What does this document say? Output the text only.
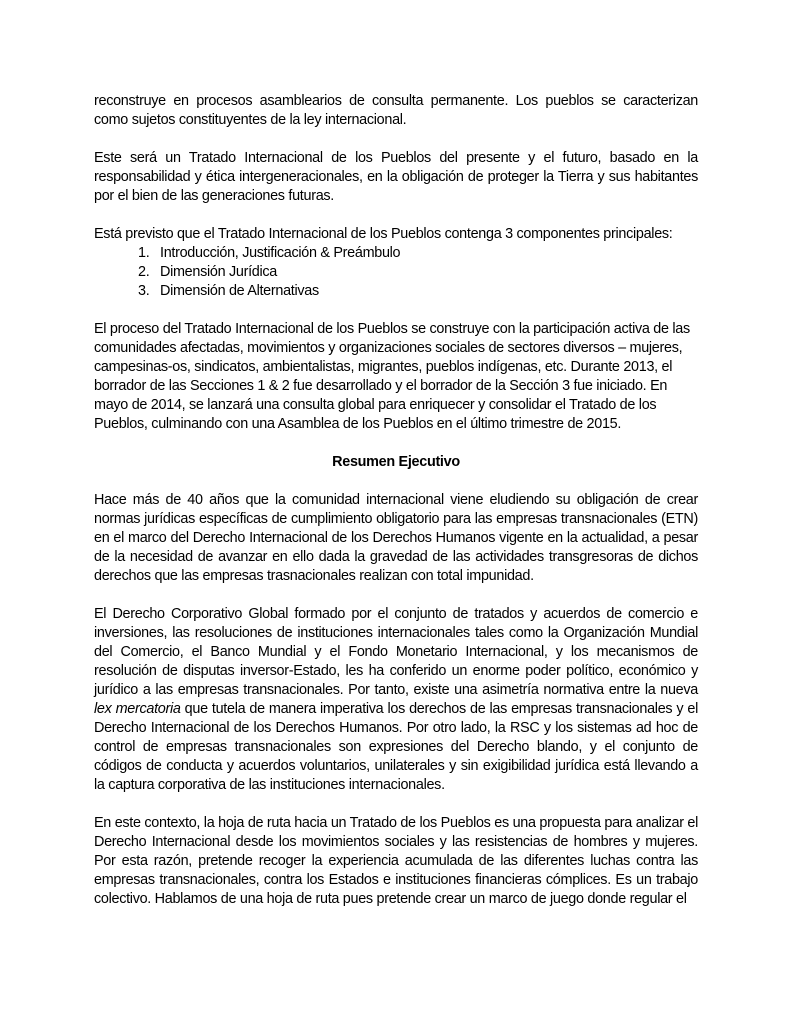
reconstruye en procesos asamblearios de consulta permanente. Los pueblos se caracterizan como sujetos constituyentes de la ley internacional.

Este será un Tratado Internacional de los Pueblos del presente y el futuro, basado en la responsabilidad y ética intergeneracionales, en la obligación de proteger la Tierra y sus habitantes por el bien de las generaciones futuras.

Está previsto que el Tratado Internacional de los Pueblos contenga 3 componentes principales:

1. Introducción, Justificación & Preámbulo
2. Dimensión Jurídica
3. Dimensión de Alternativas

El proceso del Tratado Internacional de los Pueblos se construye con la participación activa de las comunidades afectadas, movimientos y organizaciones sociales de sectores diversos – mujeres, campesinas-os, sindicatos, ambientalistas, migrantes, pueblos indígenas, etc. Durante 2013, el borrador de las Secciones 1 & 2 fue desarrollado y el borrador de la Sección 3 fue iniciado. En mayo de 2014, se lanzará una consulta global para enriquecer y consolidar el Tratado de los Pueblos, culminando con una Asamblea de los Pueblos en el último trimestre de 2015.

Resumen Ejecutivo

Hace más de 40 años que la comunidad internacional viene eludiendo su obligación de crear normas jurídicas específicas de cumplimiento obligatorio para las empresas transnacionales (ETN) en el marco del Derecho Internacional de los Derechos Humanos vigente en la actualidad, a pesar de la necesidad de avanzar en ello dada la gravedad de las actividades transgresoras de dichos derechos que las empresas trasnacionales realizan con total impunidad.

El Derecho Corporativo Global formado por el conjunto de tratados y acuerdos de comercio e inversiones, las resoluciones de instituciones internacionales tales como la Organización Mundial del Comercio, el Banco Mundial y el Fondo Monetario Internacional, y los mecanismos de resolución de disputas inversor-Estado, les ha conferido un enorme poder político, económico y jurídico a las empresas transnacionales. Por tanto, existe una asimetría normativa entre la nueva lex mercatoria que tutela de manera imperativa los derechos de las empresas transnacionales y el Derecho Internacional de los Derechos Humanos. Por otro lado, la RSC y los sistemas ad hoc de control de empresas transnacionales son expresiones del Derecho blando, y el conjunto de códigos de conducta y acuerdos voluntarios, unilaterales y sin exigibilidad jurídica está llevando a la captura corporativa de las instituciones internacionales.

En este contexto, la hoja de ruta hacia un Tratado de los Pueblos es una propuesta para analizar el Derecho Internacional desde los movimientos sociales y las resistencias de hombres y mujeres. Por esta razón, pretende recoger la experiencia acumulada de las diferentes luchas contra las empresas transnacionales, contra los Estados e instituciones financieras cómplices. Es un trabajo colectivo. Hablamos de una hoja de ruta pues pretende crear un marco de juego donde regular el
